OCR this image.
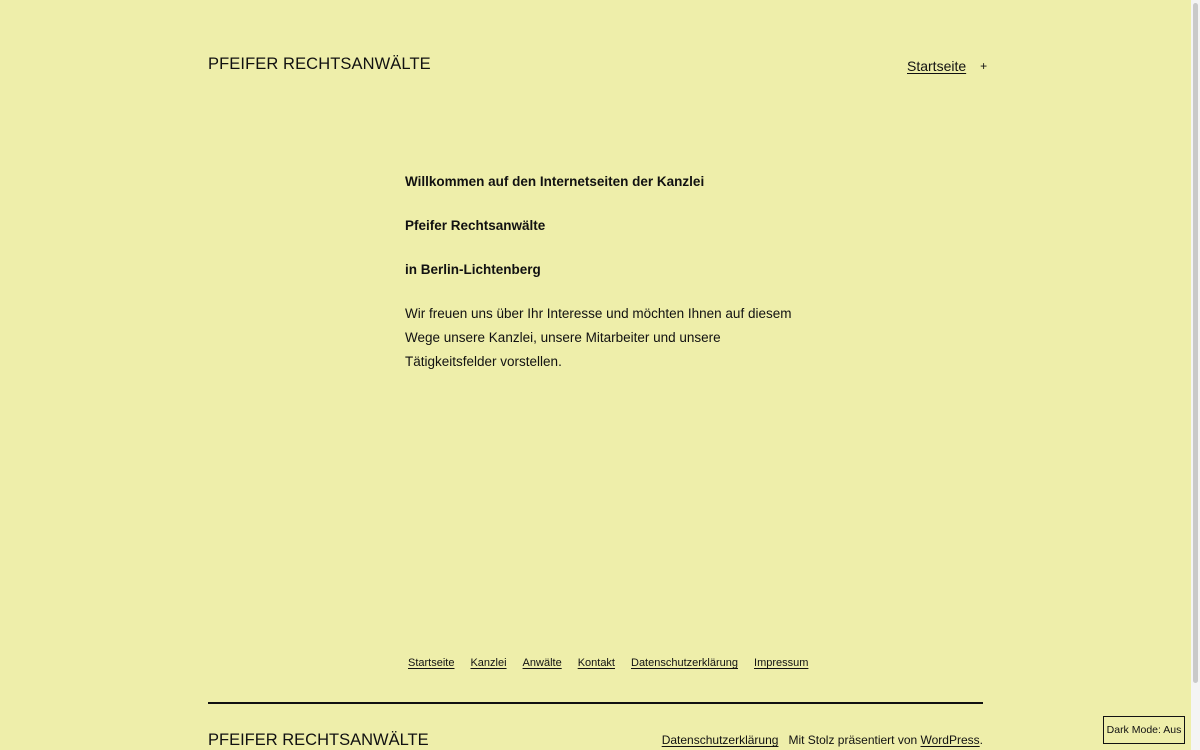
PFEIFER RECHTSANWÄLTE	Startseite +

Willkommen auf den Internetseiten der Kanzlei

Pfeifer Rechtsanwälte

in Berlin-Lichtenberg

Wir freuen uns über Ihr Interesse und möchten Ihnen auf diesem Wege unsere Kanzlei, unsere Mitarbeiter und unsere Tätigkeitsfelder vorstellen.

Startseite Kanzlei Anwälte Kontakt Datenschutzerklärung Impressum
PFEIFER RECHTSANWÄLTE	Datenschutzerklärung Mit Stolz präsentiert von WordPress.
Dark Mode: Aus
